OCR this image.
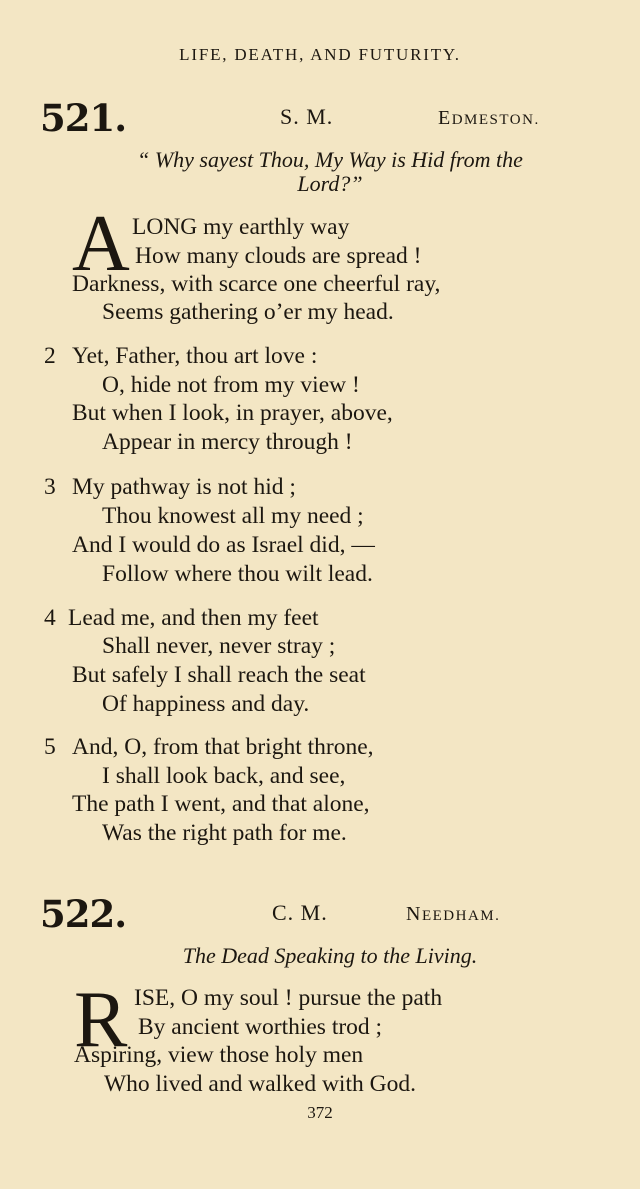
LIFE, DEATH, AND FUTURITY.
521.	S. M.	EDMESTON.
“ Why sayest Thou, My Way is Hid from the
Lord?”
A LONG my earthly way
How many clouds are spread !
Darkness, with scarce one cheerful ray,
Seems gathering o’er my head.
2 Yet, Father, thou art love :
O, hide not from my view !
But when I look, in prayer, above,
Appear in mercy through !
3 My pathway is not hid ;
Thou knowest all my need ;
And I would do as Israel did, —
Follow where thou wilt lead.
4 Lead me, and then my feet
Shall never, never stray ;
But safely I shall reach the seat
Of happiness and day.
5 And, O, from that bright throne,
I shall look back, and see,
The path I went, and that alone,
Was the right path for me.
522.	C. M.	NEEDHAM.
The Dead Speaking to the Living.
R ISE, O my soul ! pursue the path
By ancient worthies trod ;
Aspiring, view those holy men
Who lived and walked with God.
372
